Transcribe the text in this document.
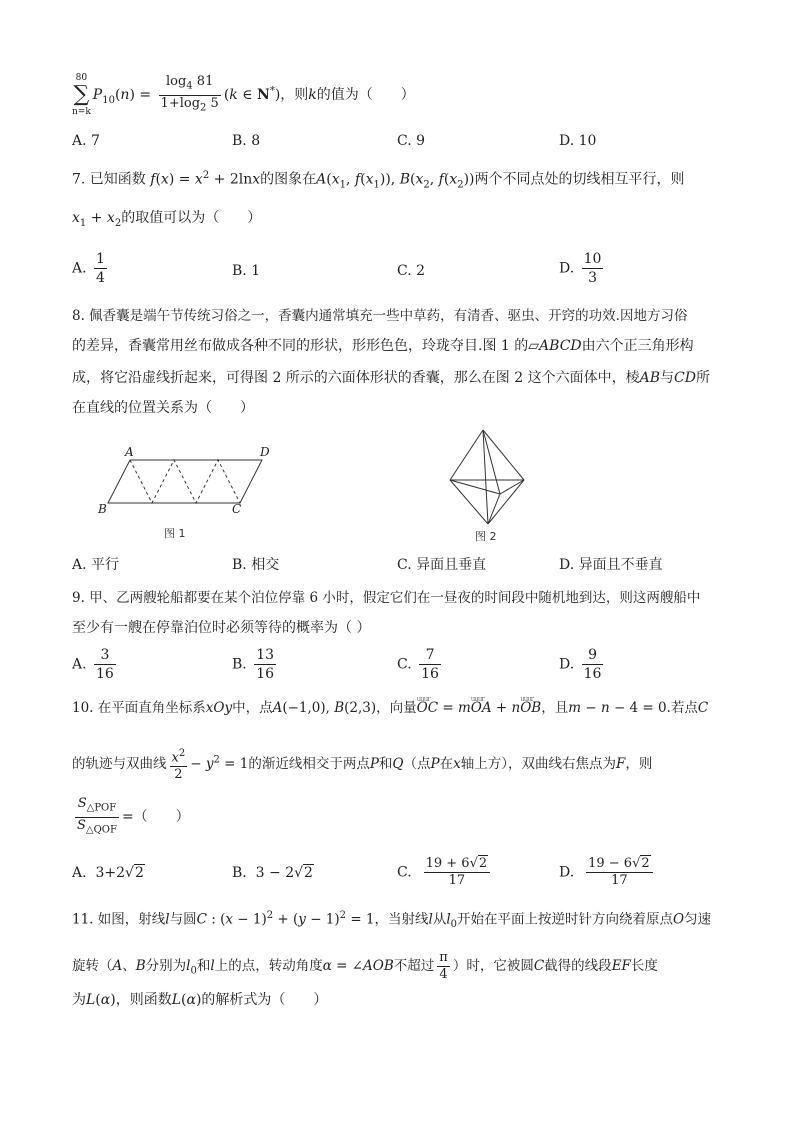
80
∑
n=k
$P_{10}(n) = \frac{\log_4 81}{1+\log_2 5} (k$ ∈ N*)，则k的值为（　　）
A. 7	B. 8	C. 9	D. 10
7. 已知函数 $f(x) = x^2 + 2\ln x$的图象在$A(x_1$, $f(x_1)$), $B(x_2$, $f(x_2)$)两个不同点处的切线相互平行，则
$x_1 + x_2$的取值可以为（　　）
A. $\frac{1}{4}$	B. 1	C. 2	D. $\frac{10}{3}$
8. 佩香囊是端午节传统习俗之一，香囊内通常填充一些中草药，有清香、驱虫、开窍的功效.因地方习俗
的差异，香囊常用丝布做成各种不同的形状，形形色色，玲珑夺目.图 1 的▱ABCD由六个正三角形构
成，将它沿虚线折起来，可得图 2 所示的六面体形状的香囊，那么在图 2 这个六面体中，棱AB与CD所
在直线的位置关系为（　　）
A	D
B	C
图 1	图 2
A. 平行	B. 相交	C. 异面且垂直	D. 异面且不垂直
9. 甲、乙两艘轮船都要在某个泊位停靠 6 小时，假定它们在一昼夜的时间段中随机地到达，则这两艘船中
至少有一艘在停靠泊位时必须等待的概率为（ ）
A. $\frac{3}{16}$	B. $\frac{13}{16}$	C. $\frac{7}{16}$	D. $\frac{9}{16}$
10. 在平面直角坐标系xOy中，点A(−1,0), B(2,3)，向量uuur OC = muuur OA + nuuur OB，且m − n − 4 = 0.若点C
的轨迹与双曲线 $\frac{x^2}{2} - y^2 = 1$的渐近线相交于两点P和Q（点P在x轴上方），双曲线右焦点为F，则
$\frac{S_{\triangle POF}}{S_{\triangle QOF}}$ =（　　）
A. 3+2√2	B. 3 − 2√2	C. $\frac{19 + 6√2}{17}$	D. $\frac{19 - 6√2}{17}$
11. 如图，射线l与圆C : $(x - 1)^2 + (y - 1)^2 = 1$，当射线l从$l_0$开始在平面上按逆时针方向绕着原点O匀速
旋转（A、B分别为$l_0$和l上的点，转动角度α = ∠AOB不超过 $\frac{\pi}{4}$ ）时，它被圆C截得的线段EF长度
为L(α)，则函数L(α)的解析式为（　　）
